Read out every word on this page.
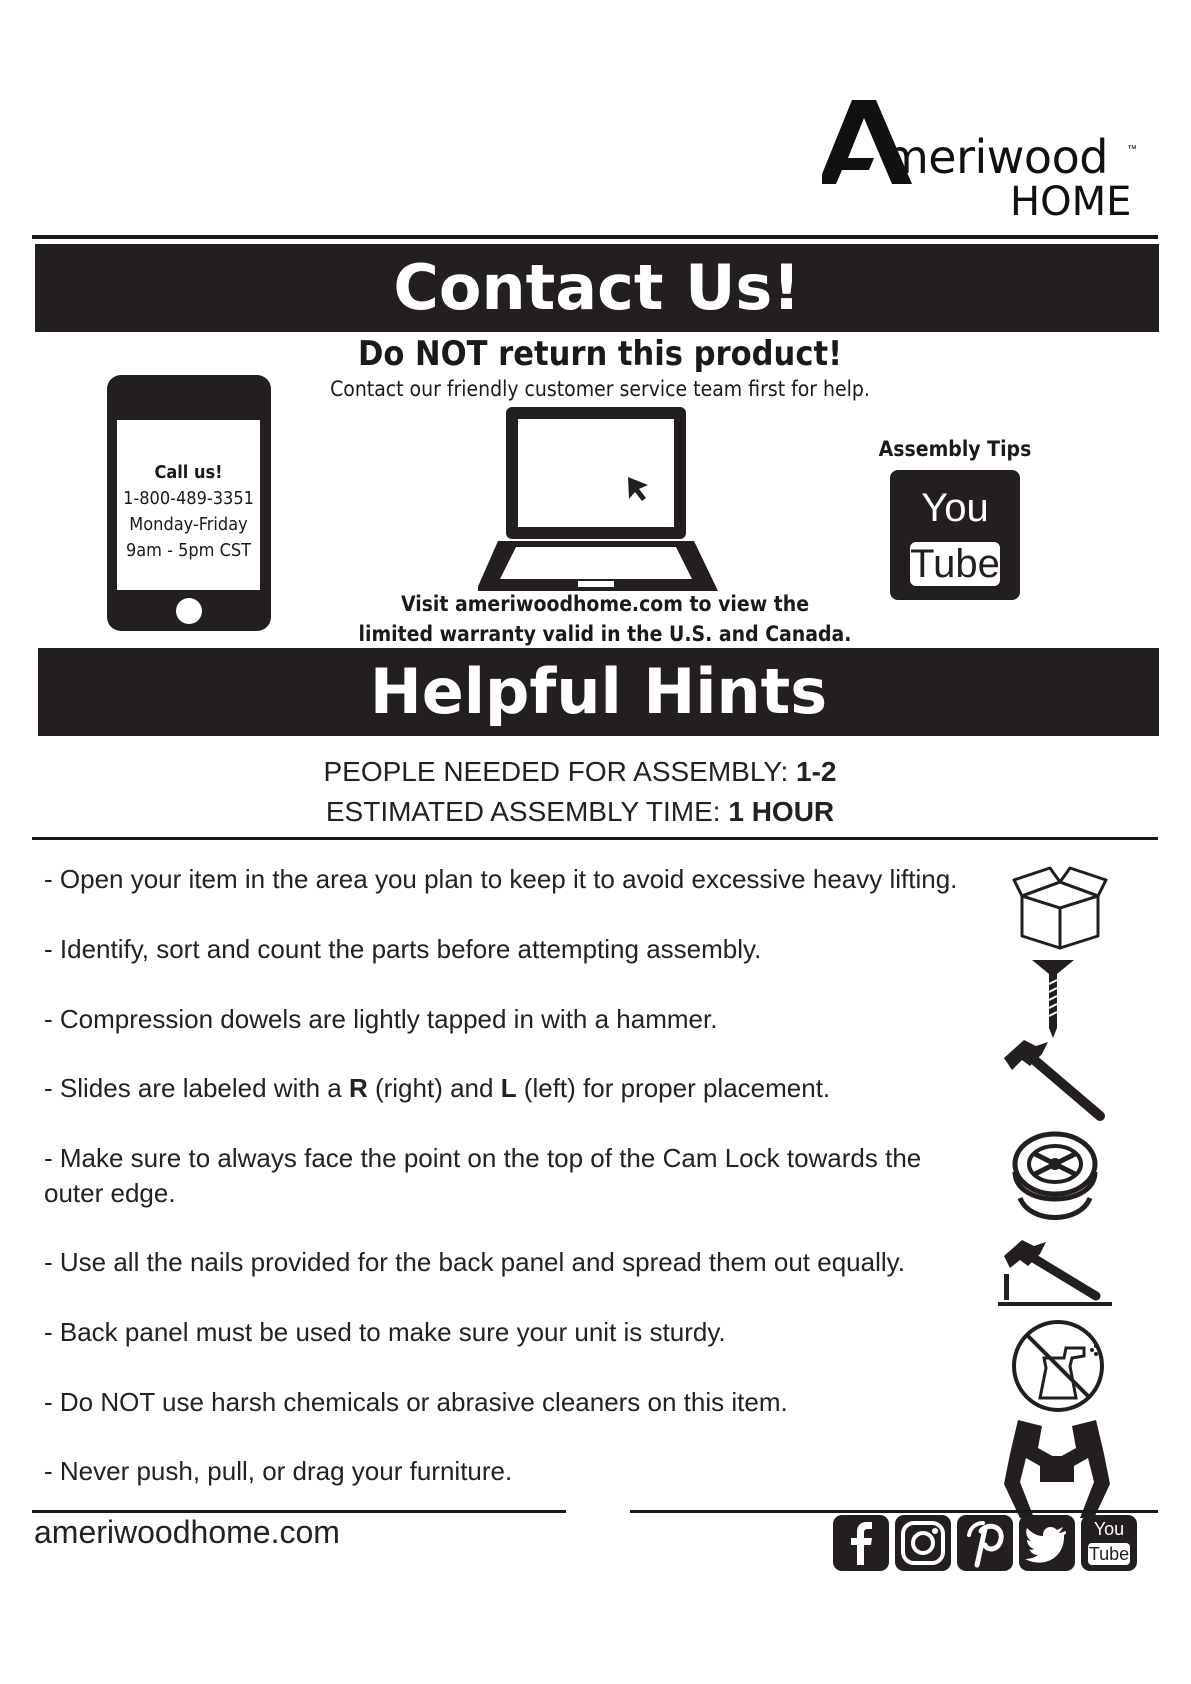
meriwood ™
HOME
Contact Us!
Do NOT return this product!
Contact our friendly customer service team first for help.
Call us!
1-800-489-3351
Monday-Friday
9am - 5pm CST
Visit ameriwoodhome.com to view the
limited warranty valid in the U.S. and Canada.
Assembly Tips
You
Tube
Helpful Hints
PEOPLE NEEDED FOR ASSEMBLY: 1-2
ESTIMATED ASSEMBLY TIME: 1 HOUR
- Open your item in the area you plan to keep it to avoid excessive heavy lifting.
- Identify, sort and count the parts before attempting assembly.
- Compression dowels are lightly tapped in with a hammer.
- Slides are labeled with a R (right) and L (left) for proper placement.
- Make sure to always face the point on the top of the Cam Lock towards the outer edge.
- Use all the nails provided for the back panel and spread them out equally.
- Back panel must be used to make sure your unit is sturdy.
- Do NOT use harsh chemicals or abrasive cleaners on this item.
- Never push, pull, or drag your furniture.
ameriwoodhome.com	You
Tube
